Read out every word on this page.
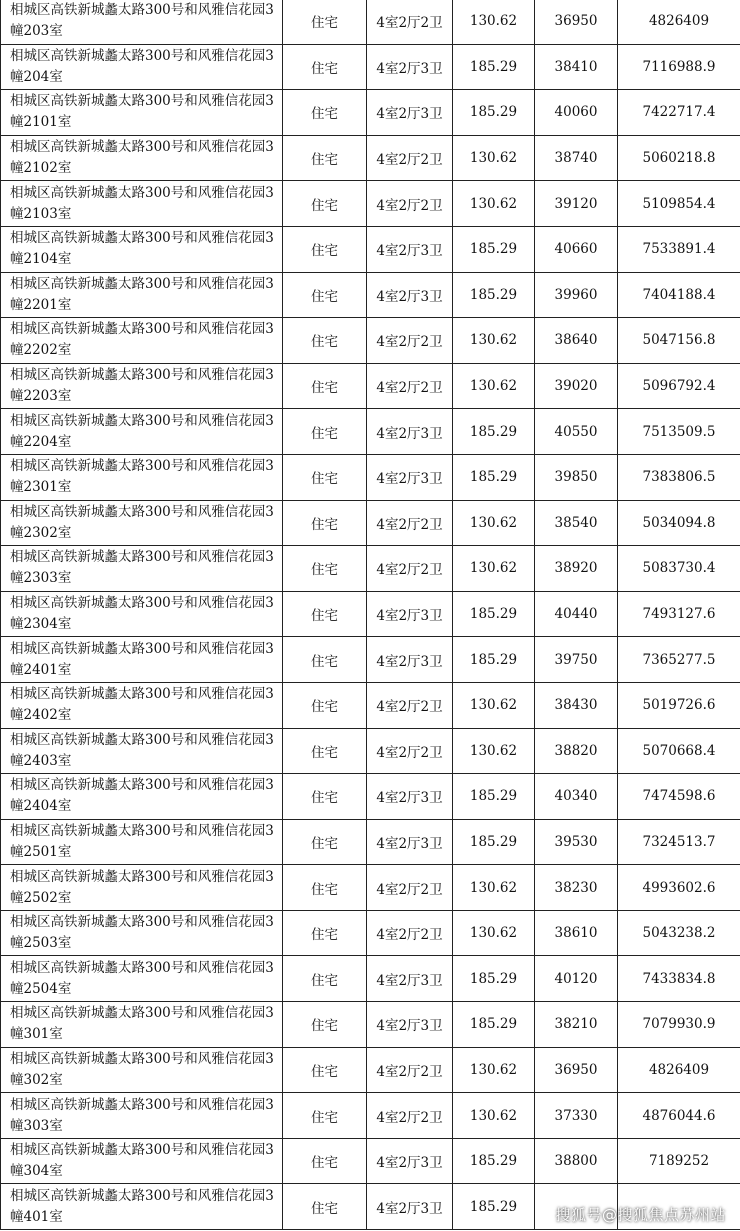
相城区高铁新城蠡太路300号和风雅信花园3幢203室	住宅	4室2厅2卫	130.62	36950	4826409
相城区高铁新城蠡太路300号和风雅信花园3幢204室	住宅	4室2厅3卫	185.29	38410	7116988.9
相城区高铁新城蠡太路300号和风雅信花园3幢2101室	住宅	4室2厅3卫	185.29	40060	7422717.4
相城区高铁新城蠡太路300号和风雅信花园3幢2102室	住宅	4室2厅2卫	130.62	38740	5060218.8
相城区高铁新城蠡太路300号和风雅信花园3幢2103室	住宅	4室2厅2卫	130.62	39120	5109854.4
相城区高铁新城蠡太路300号和风雅信花园3幢2104室	住宅	4室2厅3卫	185.29	40660	7533891.4
相城区高铁新城蠡太路300号和风雅信花园3幢2201室	住宅	4室2厅3卫	185.29	39960	7404188.4
相城区高铁新城蠡太路300号和风雅信花园3幢2202室	住宅	4室2厅2卫	130.62	38640	5047156.8
相城区高铁新城蠡太路300号和风雅信花园3幢2203室	住宅	4室2厅2卫	130.62	39020	5096792.4
相城区高铁新城蠡太路300号和风雅信花园3幢2204室	住宅	4室2厅3卫	185.29	40550	7513509.5
相城区高铁新城蠡太路300号和风雅信花园3幢2301室	住宅	4室2厅3卫	185.29	39850	7383806.5
相城区高铁新城蠡太路300号和风雅信花园3幢2302室	住宅	4室2厅2卫	130.62	38540	5034094.8
相城区高铁新城蠡太路300号和风雅信花园3幢2303室	住宅	4室2厅2卫	130.62	38920	5083730.4
相城区高铁新城蠡太路300号和风雅信花园3幢2304室	住宅	4室2厅3卫	185.29	40440	7493127.6
相城区高铁新城蠡太路300号和风雅信花园3幢2401室	住宅	4室2厅3卫	185.29	39750	7365277.5
相城区高铁新城蠡太路300号和风雅信花园3幢2402室	住宅	4室2厅2卫	130.62	38430	5019726.6
相城区高铁新城蠡太路300号和风雅信花园3幢2403室	住宅	4室2厅2卫	130.62	38820	5070668.4
相城区高铁新城蠡太路300号和风雅信花园3幢2404室	住宅	4室2厅3卫	185.29	40340	7474598.6
相城区高铁新城蠡太路300号和风雅信花园3幢2501室	住宅	4室2厅3卫	185.29	39530	7324513.7
相城区高铁新城蠡太路300号和风雅信花园3幢2502室	住宅	4室2厅2卫	130.62	38230	4993602.6
相城区高铁新城蠡太路300号和风雅信花园3幢2503室	住宅	4室2厅2卫	130.62	38610	5043238.2
相城区高铁新城蠡太路300号和风雅信花园3幢2504室	住宅	4室2厅3卫	185.29	40120	7433834.8
相城区高铁新城蠡太路300号和风雅信花园3幢301室	住宅	4室2厅3卫	185.29	38210	7079930.9
相城区高铁新城蠡太路300号和风雅信花园3幢302室	住宅	4室2厅2卫	130.62	36950	4826409
相城区高铁新城蠡太路300号和风雅信花园3幢303室	住宅	4室2厅2卫	130.62	37330	4876044.6
相城区高铁新城蠡太路300号和风雅信花园3幢304室	住宅	4室2厅3卫	185.29	38800	7189252
相城区高铁新城蠡太路300号和风雅信花园3幢401室	住宅	4室2厅3卫	185.29			搜狐号@搜狐焦点苏州站
